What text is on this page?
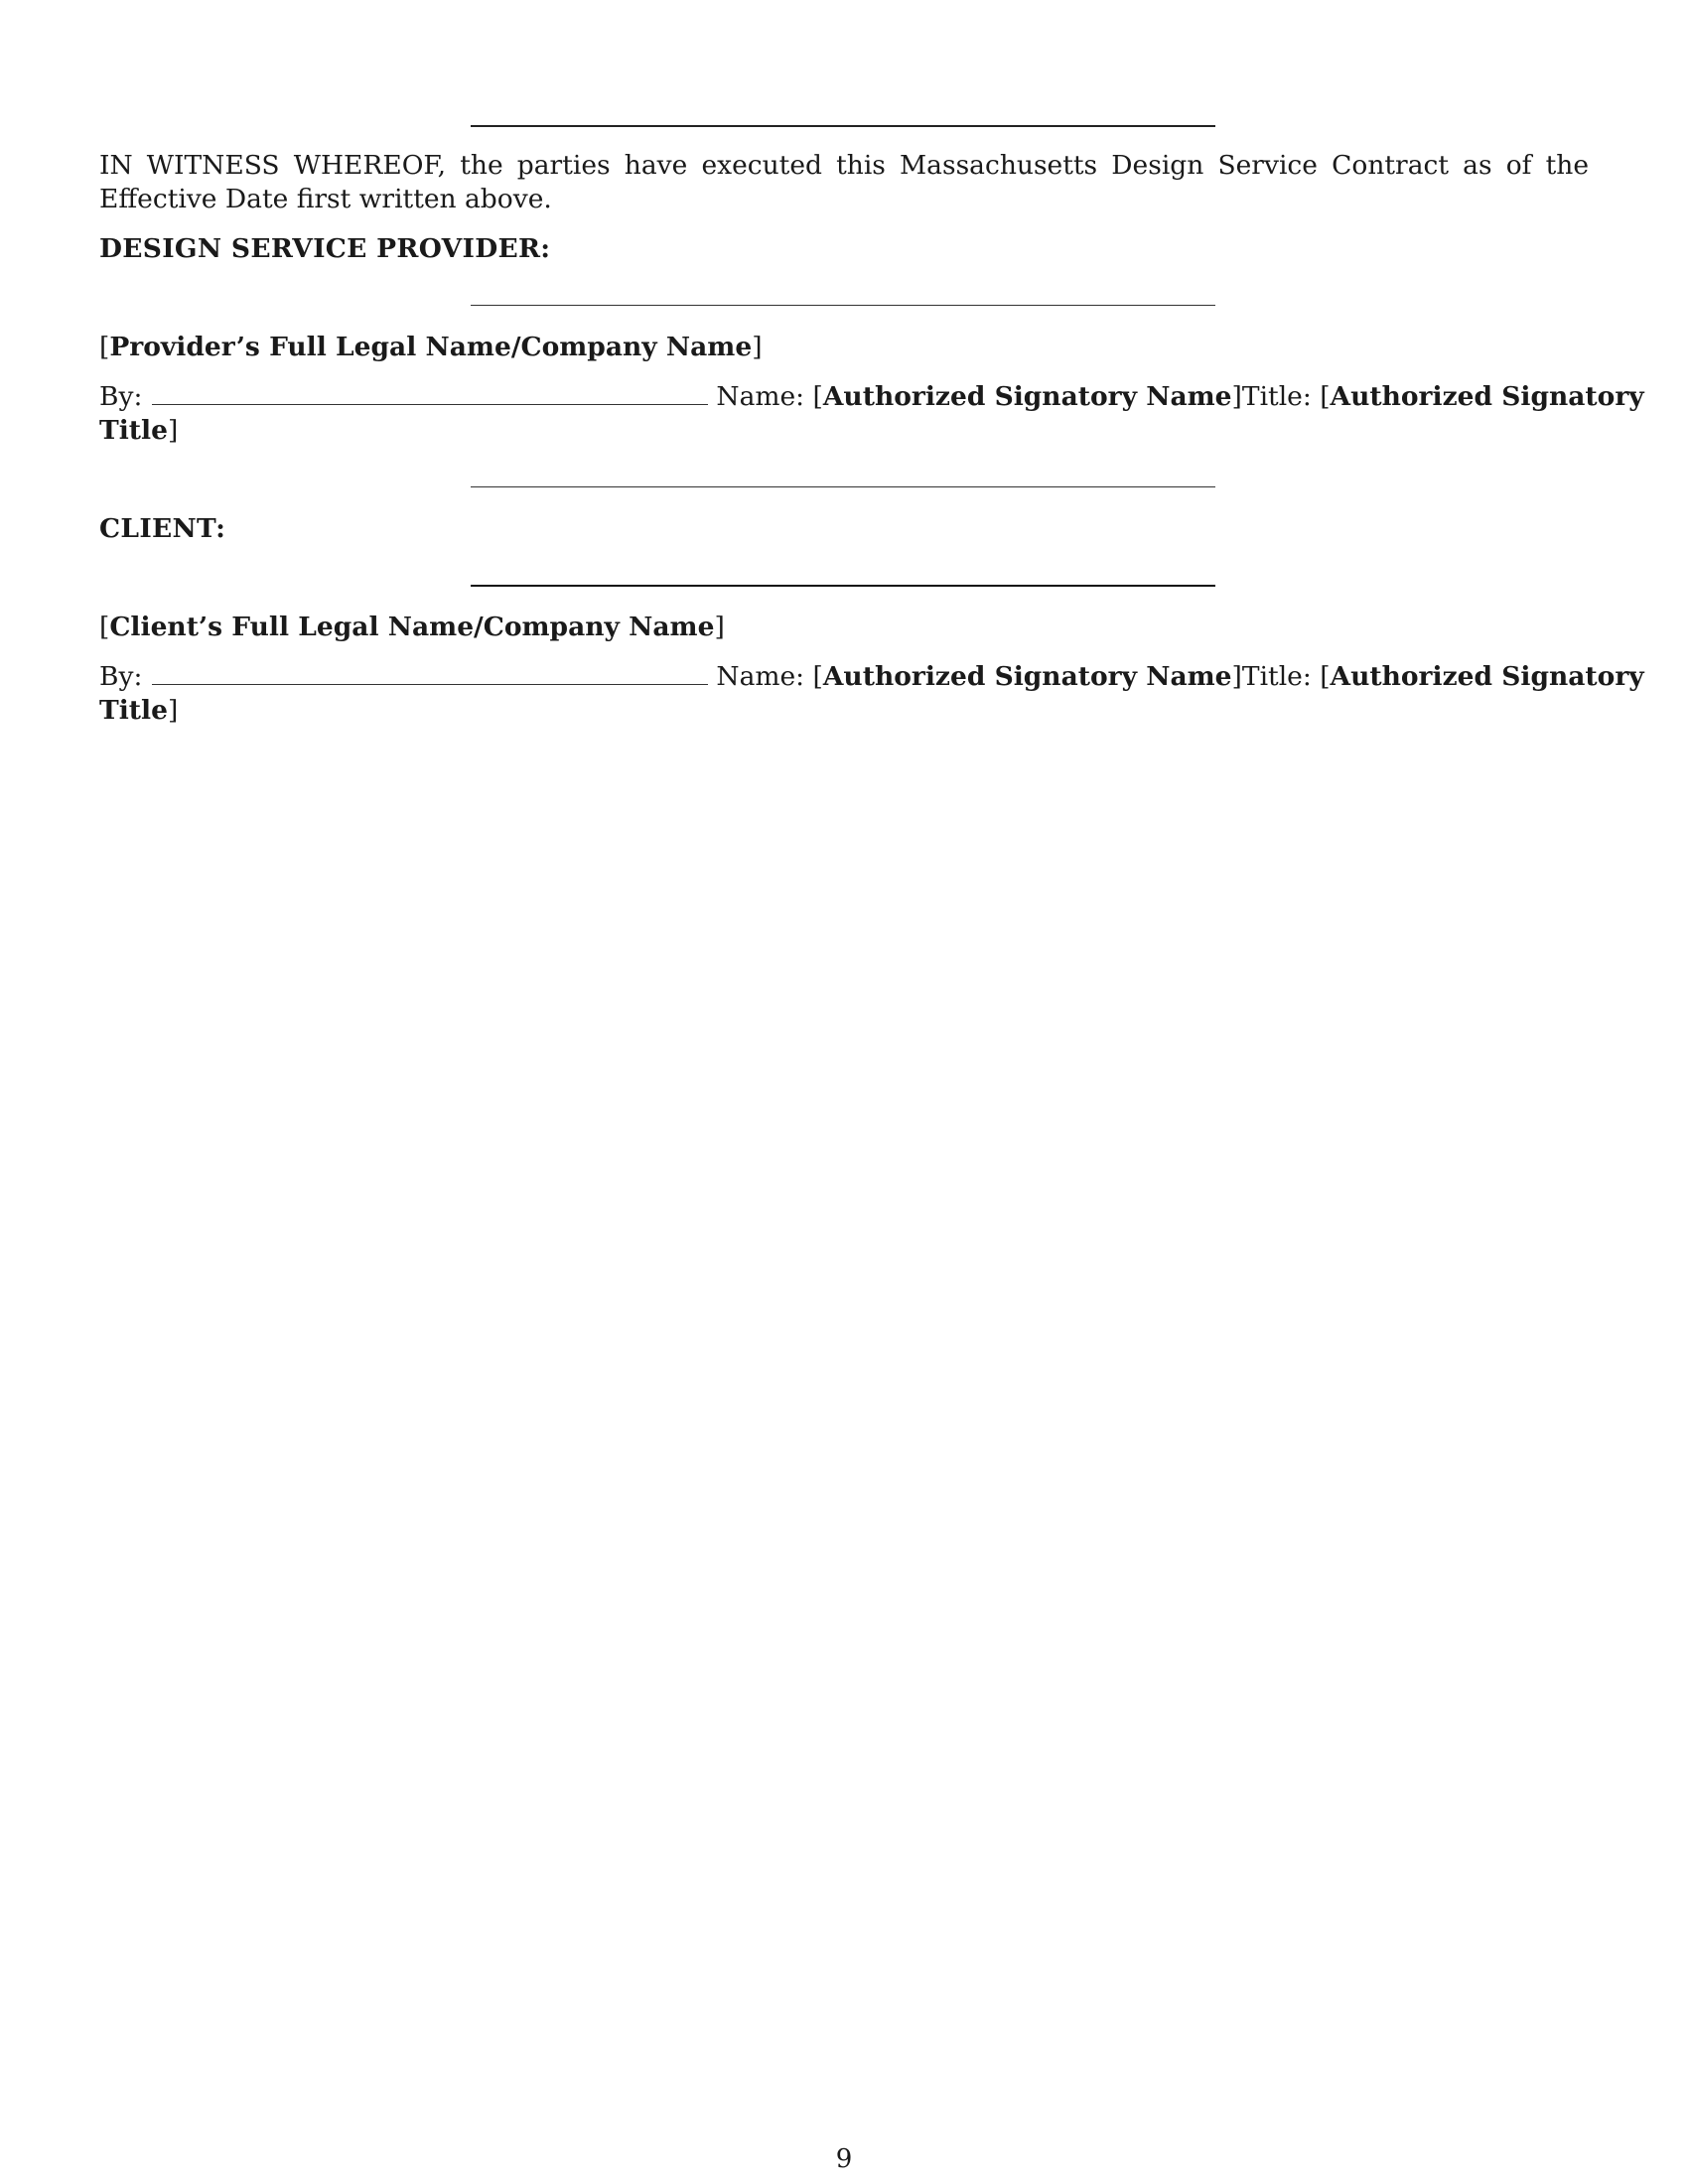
IN WITNESS WHEREOF, the parties have executed this Massachusetts Design Service Contract as of the Effective Date first written above.
DESIGN SERVICE PROVIDER:
[Provider’s Full Legal Name/Company Name]
By:	Name: [Authorized Signatory Name] Title: [Authorized Signatory
Title]
CLIENT:
[Client’s Full Legal Name/Company Name]
By:	Name: [Authorized Signatory Name] Title: [Authorized Signatory
Title]
9
